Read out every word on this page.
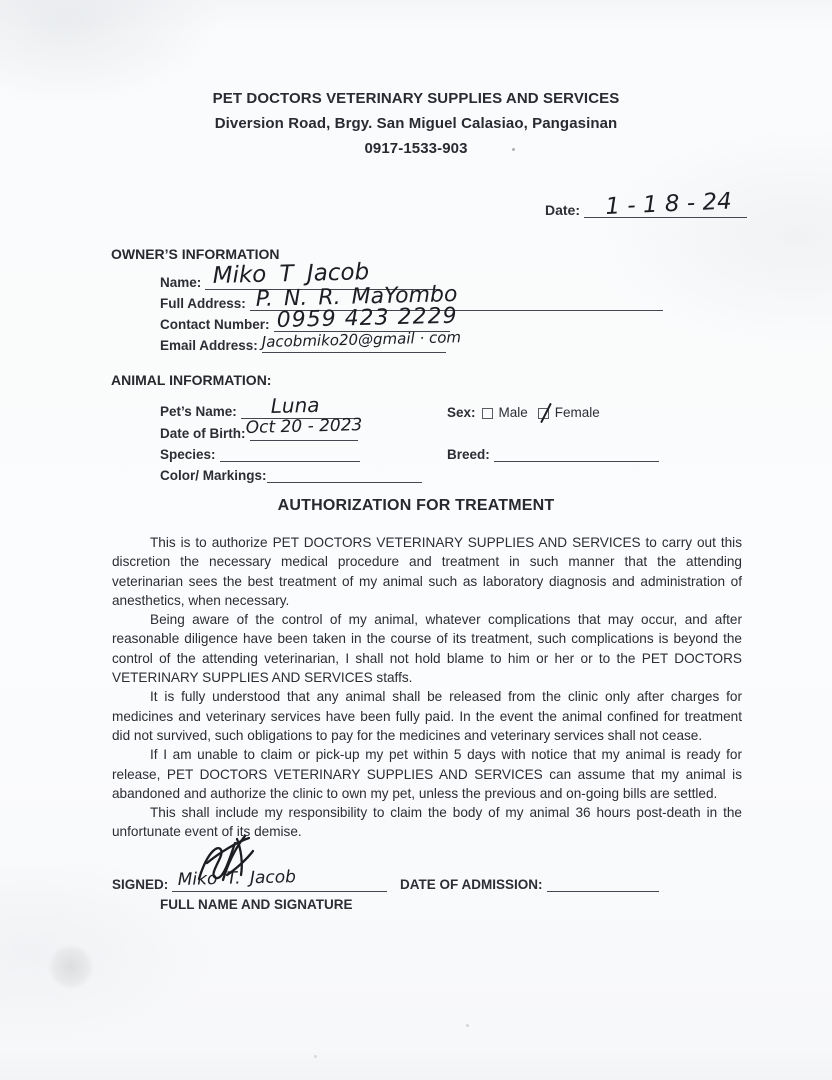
PET DOCTORS VETERINARY SUPPLIES AND SERVICES
Diversion Road, Brgy. San Miguel Calasiao, Pangasinan
0917-1533-903
Date: 1 - 1 8 - 24
OWNER’S INFORMATION
Name: Miko T Jacob
Full Address: P. N. R. MaYombo
Contact Number: 0959 423 2229
Email Address: Jacobmiko20@gmail · com
ANIMAL INFORMATION:
Pet’s Name: Luna	Sex: Male Female
Date of Birth: Oct 20 - 2023
Species:	Breed:
Color/ Markings:
AUTHORIZATION FOR TREATMENT

This is to authorize PET DOCTORS VETERINARY SUPPLIES AND SERVICES to carry out this discretion the necessary medical procedure and treatment in such manner that the attending veterinarian sees the best treatment of my animal such as laboratory diagnosis and administration of anesthetics, when necessary.

Being aware of the control of my animal, whatever complications that may occur, and after reasonable diligence have been taken in the course of its treatment, such complications is beyond the control of the attending veterinarian, I shall not hold blame to him or her or to the PET DOCTORS VETERINARY SUPPLIES AND SERVICES staffs.

It is fully understood that any animal shall be released from the clinic only after charges for medicines and veterinary services have been fully paid. In the event the animal confined for treatment did not survived, such obligations to pay for the medicines and veterinary services shall not cease.

If I am unable to claim or pick-up my pet within 5 days with notice that my animal is ready for release, PET DOCTORS VETERINARY SUPPLIES AND SERVICES can assume that my animal is abandoned and authorize the clinic to own my pet, unless the previous and on-going bills are settled.

This shall include my responsibility to claim the body of my animal 36 hours post-death in the unfortunate event of its demise.

SIGNED: Miko T. Jacob
FULL NAME AND SIGNATURE
DATE OF ADMISSION:
